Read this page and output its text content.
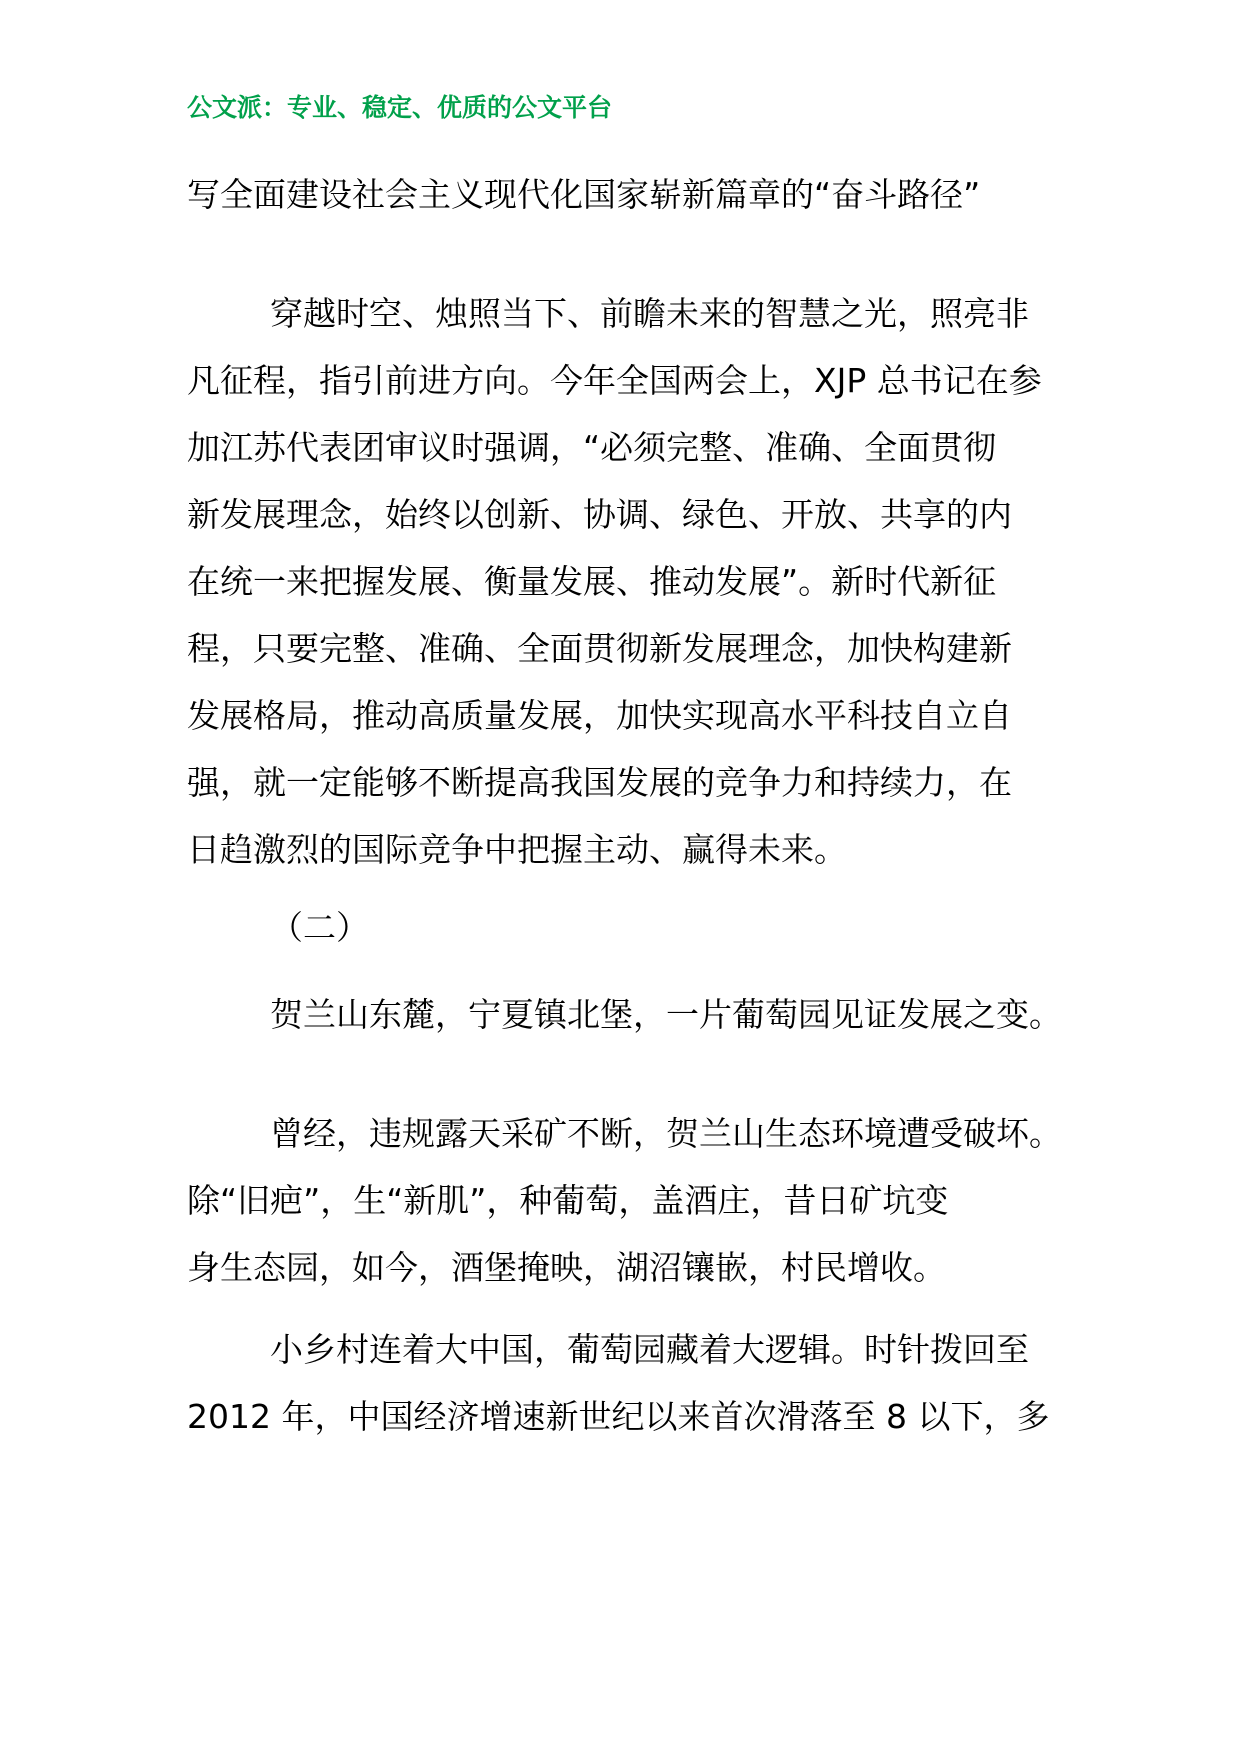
公文派：专业、稳定、优质的公文平台
写全面建设社会主义现代化国家崭新篇章的“奋斗路径”
穿越时空、烛照当下、前瞻未来的智慧之光，照亮非
凡征程，指引前进方向。今年全国两会上，XJP 总书记在参
加江苏代表团审议时强调，“必须完整、准确、全面贯彻
新发展理念，始终以创新、协调、绿色、开放、共享的内
在统一来把握发展、衡量发展、推动发展”。新时代新征
程，只要完整、准确、全面贯彻新发展理念，加快构建新
发展格局，推动高质量发展，加快实现高水平科技自立自
强，就一定能够不断提高我国发展的竞争力和持续力，在
日趋激烈的国际竞争中把握主动、赢得未来。
（二）
贺兰山东麓，宁夏镇北堡，一片葡萄园见证发展之变。
曾经，违规露天采矿不断，贺兰山生态环境遭受破坏。
除“旧疤”，生“新肌”，种葡萄，盖酒庄，昔日矿坑变
身生态园，如今，酒堡掩映，湖沼镶嵌，村民增收。
小乡村连着大中国，葡萄园藏着大逻辑。时针拨回至
2012 年，中国经济增速新世纪以来首次滑落至 8 以下，多
